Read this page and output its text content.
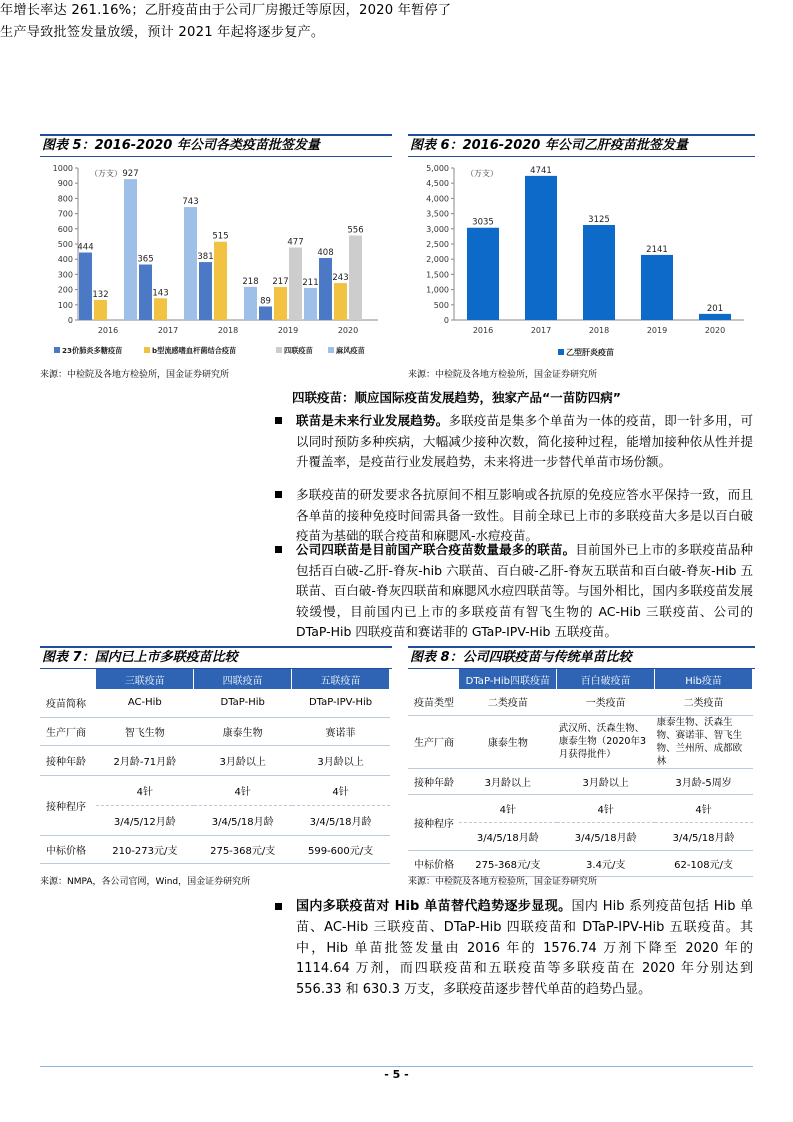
年增长率达 261.16%；乙肝疫苗由于公司厂房搬迁等原因，2020 年暂停了

生产导致批签发量放缓，预计 2021 年起将逐步复产。

图表 5：2016-2020 年公司各类疫苗批签发量
0
100
200
300
400
500
600
700
800
900
1000
（万支）
2016
444
132
927
2017
365
143
743
2018
381
515
218
2019
89
217
477
211
2020
408
243
556
23价肺炎多糖疫苗	b型流感嗜血杆菌结合疫苗	四联疫苗	麻风疫苗
来源：中检院及各地方检验所，国金证券研究所
图表 6：2016-2020 年公司乙肝疫苗批签发量
0
500
1,000
1,500
2,000
2,500
3,000
3,500
4,000
4,500
5,000
（万支）
2016
3035
2017
4741
2018
3125
2019
2141
2020
201
乙型肝炎疫苗
来源：中检院及各地方检验所，国金证券研究所
四联疫苗：顺应国际疫苗发展趋势，独家产品“一苗防四病”
联苗是未来行业发展趋势。多联疫苗是集多个单苗为一体的疫苗，即一针多用，可以同时预防多种疾病，大幅减少接种次数，简化接种过程，能增加接种依从性并提升覆盖率，是疫苗行业发展趋势，未来将进一步替代单苗市场份额。
多联疫苗的研发要求各抗原间不相互影响或各抗原的免疫应答水平保持一致，而且各单苗的接种免疫时间需具备一致性。目前全球已上市的多联疫苗大多是以百白破疫苗为基础的联合疫苗和麻腮风-水痘疫苗。
公司四联苗是目前国产联合疫苗数量最多的联苗。目前国外已上市的多联疫苗品种包括百白破-乙肝-脊灰-hib 六联苗、百白破-乙肝-脊灰五联苗和百白破-脊灰-Hib 五联苗、百白破-脊灰四联苗和麻腮风水痘四联苗等。与国外相比，国内多联疫苗发展较缓慢，目前国内已上市的多联疫苗有智飞生物的 AC-Hib 三联疫苗、公司的 DTaP-Hib 四联疫苗和赛诺菲的 GTaP-IPV-Hib 五联疫苗。
图表 7：国内已上市多联疫苗比较
	三联疫苗	四联疫苗	五联疫苗
疫苗简称	AC-Hib	DTaP-Hib	DTaP-IPV-Hib
生产厂商	智飞生物	康泰生物	赛诺菲
接种年龄	2月龄-71月龄	3月龄以上	3月龄以上
接种程序	4针	4针	4针
	3/4/5/12月龄	3/4/5/18月龄	3/4/5/18月龄
中标价格	210-273元/支	275-368元/支	599-600元/支
来源：NMPA，各公司官网，Wind，国金证券研究所
图表 8：公司四联疫苗与传统单苗比较
	DTaP-Hib四联疫苗	百白破疫苗	Hib疫苗
疫苗类型	二类疫苗	一类疫苗	二类疫苗
生产厂商	康泰生物	武汉所、沃森生物、康泰生物（2020年3月获得批件）	康泰生物、沃森生物、赛诺菲、智飞生物、兰州所、成都欧林
接种年龄	3月龄以上	3月龄以上	3月龄-5周岁
接种程序	4针	4针	4针
	3/4/5/18月龄	3/4/5/18月龄	3/4/5/18月龄
中标价格	275-368元/支	3.4元/支	62-108元/支
来源：中检院及各地方检验所，国金证券研究所
国内多联疫苗对 Hib 单苗替代趋势逐步显现。国内 Hib 系列疫苗包括 Hib 单苗、AC-Hib 三联疫苗、DTaP-Hib 四联疫苗和 DTaP-IPV-Hib 五联疫苗。其中，Hib 单苗批签发量由 2016 年的 1576.74 万剂下降至 2020 年的 1114.64 万剂，而四联疫苗和五联疫苗等多联疫苗在 2020 年分别达到 556.33 和 630.3 万支，多联疫苗逐步替代单苗的趋势凸显。
- 5 -
